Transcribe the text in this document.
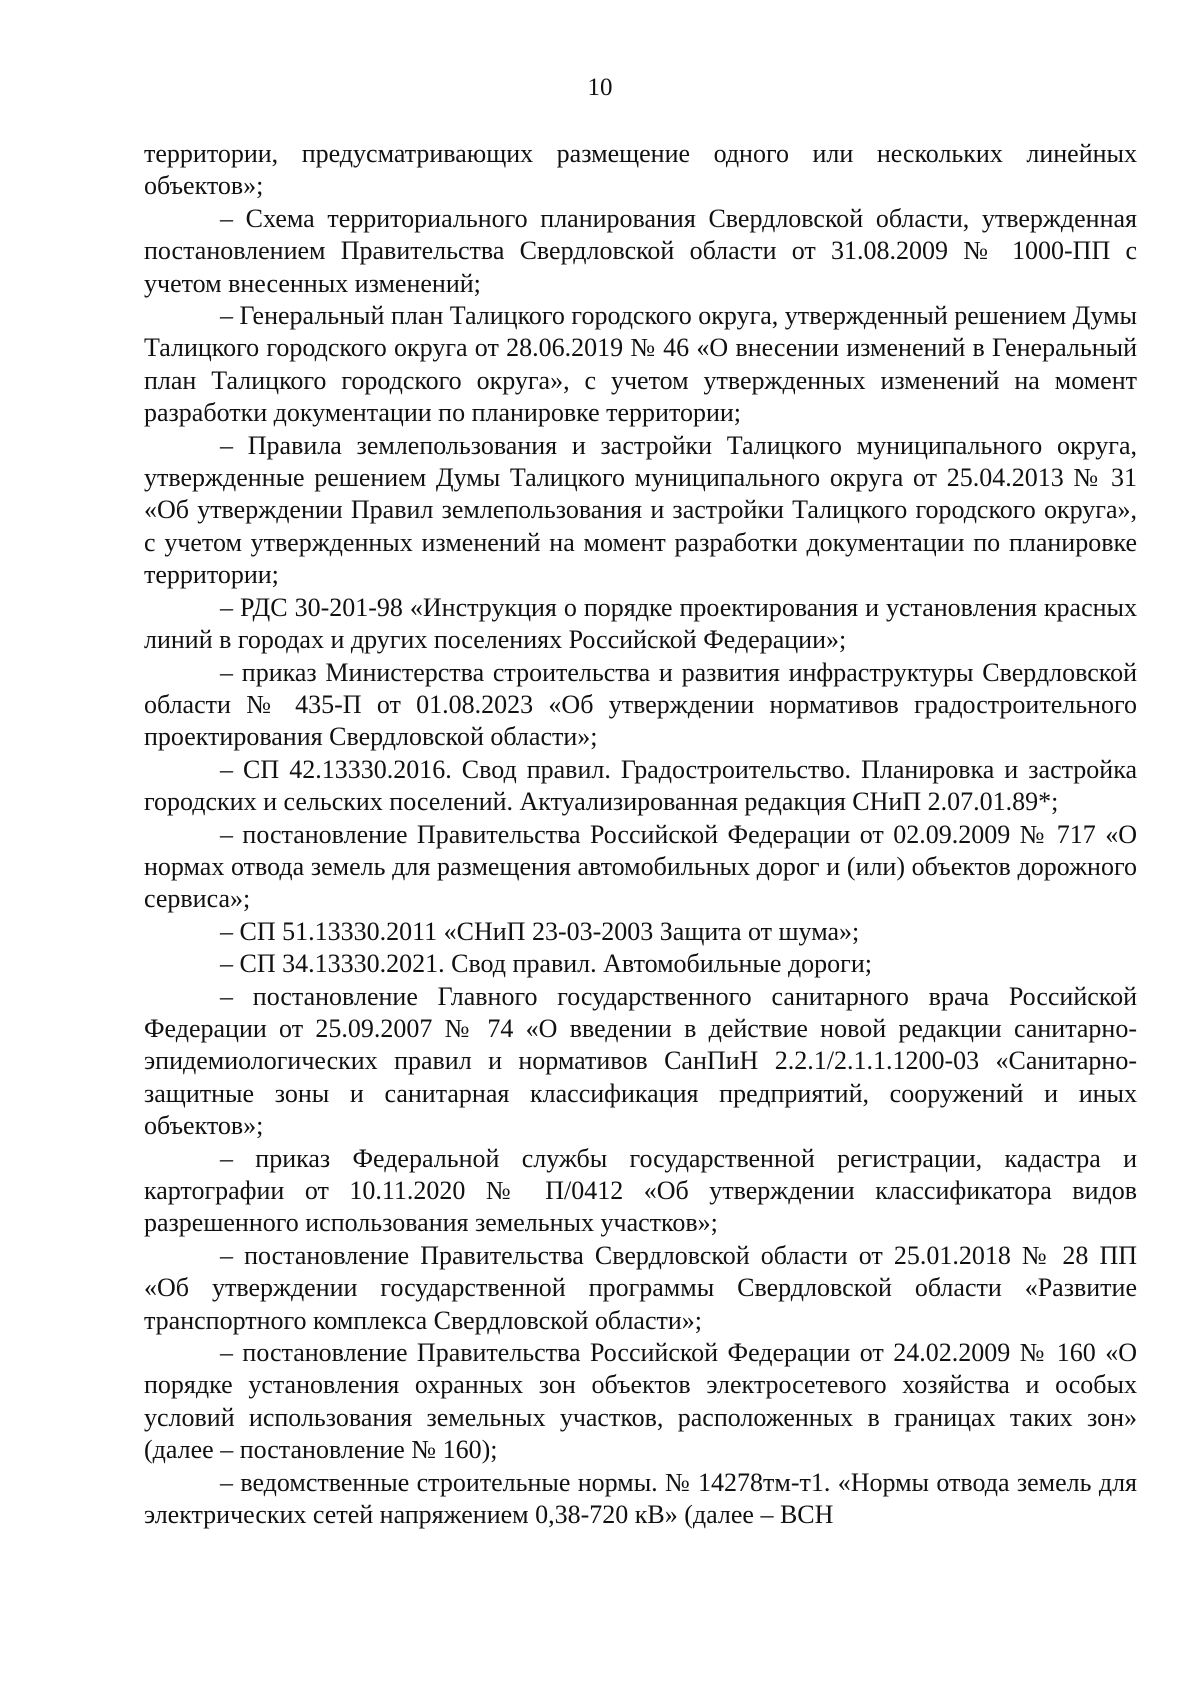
10

территории, предусматривающих размещение одного или нескольких линейных объектов»;

– Схема территориального планирования Свердловской области, утвержденная постановлением Правительства Свердловской области от 31.08.2009 № 1000-ПП с учетом внесенных изменений;

– Генеральный план Талицкого городского округа, утвержденный решением Думы Талицкого городского округа от 28.06.2019 № 46 «О внесении изменений в Генеральный план Талицкого городского округа», с учетом утвержденных изменений на момент разработки документации по планировке территории;

– Правила землепользования и застройки Талицкого муниципального округа, утвержденные решением Думы Талицкого муниципального округа от 25.04.2013 № 31 «Об утверждении Правил землепользования и застройки Талицкого городского округа», с учетом утвержденных изменений на момент разработки документации по планировке территории;

– РДС 30-201-98 «Инструкция о порядке проектирования и установления красных линий в городах и других поселениях Российской Федерации»;

– приказ Министерства строительства и развития инфраструктуры Свердловской области № 435-П от 01.08.2023 «Об утверждении нормативов градостроительного проектирования Свердловской области»;

– СП 42.13330.2016. Свод правил. Градостроительство. Планировка и застройка городских и сельских поселений. Актуализированная редакция СНиП 2.07.01.89*;

– постановление Правительства Российской Федерации от 02.09.2009 № 717 «О нормах отвода земель для размещения автомобильных дорог и (или) объектов дорожного сервиса»;

– СП 51.13330.2011 «СНиП 23-03-2003 Защита от шума»;

– СП 34.13330.2021. Свод правил. Автомобильные дороги;

– постановление Главного государственного санитарного врача Российской Федерации от 25.09.2007 № 74 «О введении в действие новой редакции санитарно-эпидемиологических правил и нормативов СанПиН 2.2.1/2.1.1.1200-03 «Санитарно-защитные зоны и санитарная классификация предприятий, сооружений и иных объектов»;

– приказ Федеральной службы государственной регистрации, кадастра и картографии от 10.11.2020 № П/0412 «Об утверждении классификатора видов разрешенного использования земельных участков»;

– постановление Правительства Свердловской области от 25.01.2018 № 28 ПП «Об утверждении государственной программы Свердловской области «Развитие транспортного комплекса Свердловской области»;

– постановление Правительства Российской Федерации от 24.02.2009 № 160 «О порядке установления охранных зон объектов электросетевого хозяйства и особых условий использования земельных участков, расположенных в границах таких зон» (далее – постановление № 160);

– ведомственные строительные нормы. № 14278тм-т1. «Нормы отвода земель для электрических сетей напряжением 0,38-720 кВ» (далее – ВСН
